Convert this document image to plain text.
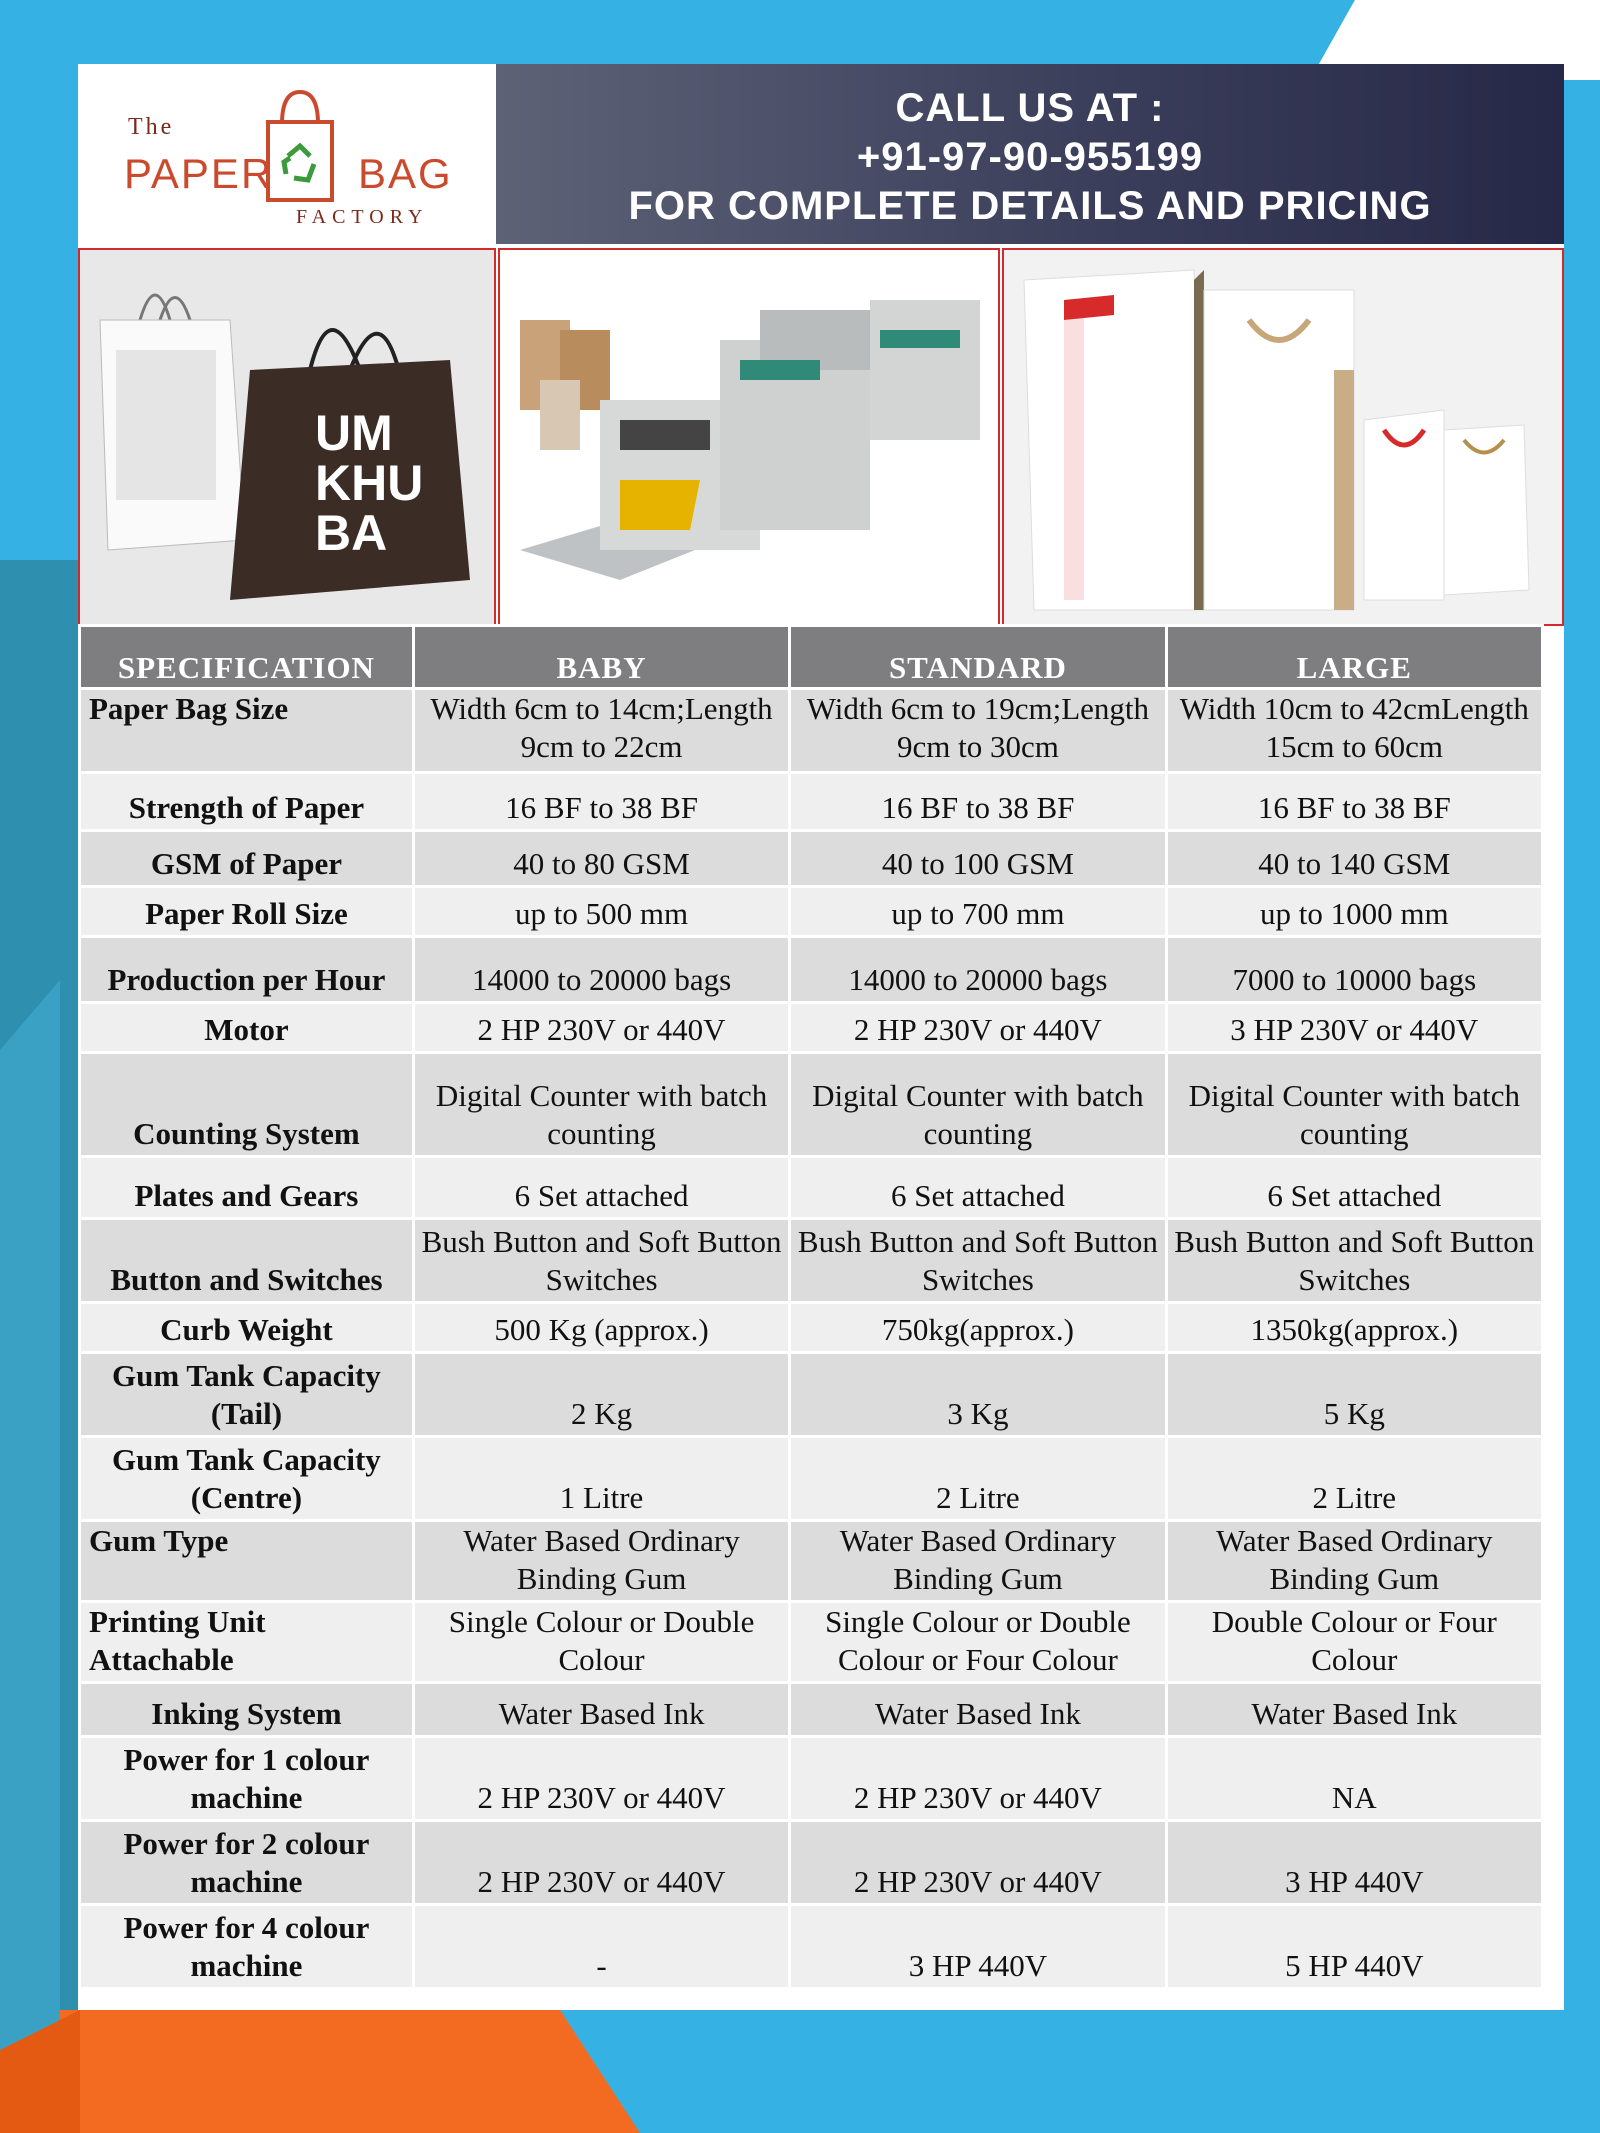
The
PAPER BAG
FACTORY
CALL US AT :
+91-97-90-955199
FOR COMPLETE DETAILS AND PRICING
UM
KHU
BA
SPECIFICATION	BABY	STANDARD	LARGE
Paper Bag Size	Width 6cm to 14cm;Length 9cm to 22cm	Width 6cm to 19cm;Length 9cm to 30cm	Width 10cm to 42cmLength 15cm to 60cm
Strength of Paper	16 BF to 38 BF	16 BF to 38 BF	16 BF to 38 BF
GSM of Paper	40 to 80 GSM	40 to 100 GSM	40 to 140 GSM
Paper Roll Size	up to 500 mm	up to 700 mm	up to 1000 mm
Production per Hour	14000 to 20000 bags	14000 to 20000 bags	7000 to 10000 bags
Motor	2 HP 230V or 440V	2 HP 230V or 440V	3 HP 230V or 440V
Counting System	Digital Counter with batch counting	Digital Counter with batch counting	Digital Counter with batch counting
Plates and Gears	6 Set attached	6 Set attached	6 Set attached
Button and Switches	Bush Button and Soft Button Switches	Bush Button and Soft Button Switches	Bush Button and Soft Button Switches
Curb Weight	500 Kg (approx.)	750kg(approx.)	1350kg(approx.)
Gum Tank Capacity (Tail)	2 Kg	3 Kg	5 Kg
Gum Tank Capacity (Centre)	1 Litre	2 Litre	2 Litre
Gum Type	Water Based Ordinary Binding Gum	Water Based Ordinary Binding Gum	Water Based Ordinary Binding Gum
Printing Unit Attachable	Single Colour or Double Colour	Single Colour or Double Colour or Four Colour	Double Colour or Four Colour
Inking System	Water Based Ink	Water Based Ink	Water Based Ink
Power for 1 colour machine	2 HP 230V or 440V	2 HP 230V or 440V	NA
Power for 2 colour machine	2 HP 230V or 440V	2 HP 230V or 440V	3 HP 440V
Power for 4 colour machine	-	3 HP 440V	5 HP 440V
